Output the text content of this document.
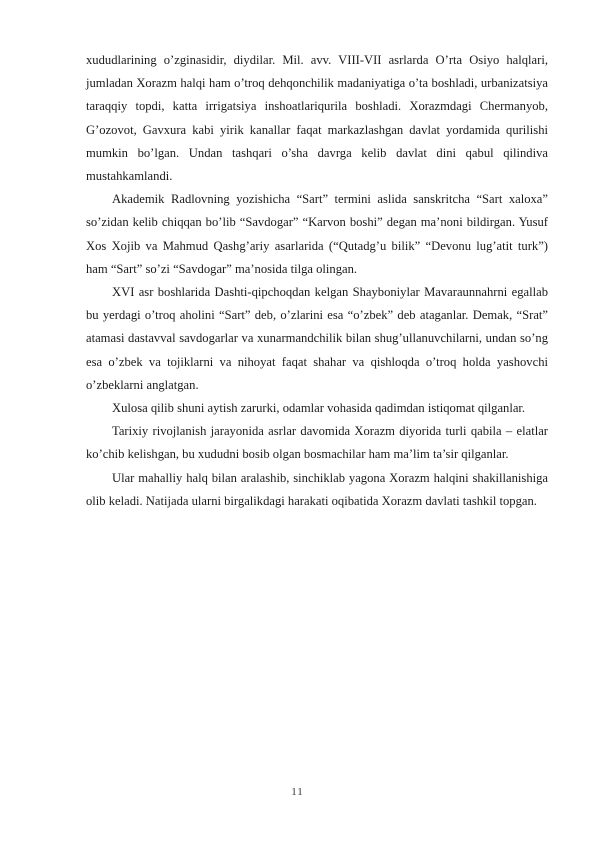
xududlarining o’zginasidir, diydilar. Mil. avv. VIII-VII asrlarda O’rta Osiyo halqlari, jumladan Xorazm halqi ham o’troq dehqonchilik madaniyatiga o’ta boshladi, urbanizatsiya taraqqiy topdi, katta irrigatsiya inshoatlariqurila boshladi. Xorazmdagi Chermanyob, G’ozovot, Gavxura kabi yirik kanallar faqat markazlashgan davlat yordamida qurilishi mumkin bo’lgan. Undan tashqari o’sha davrga kelib davlat dini qabul qilindiva mustahkamlandi.

Akademik Radlovning yozishicha “Sart” termini aslida sanskritcha “Sart xaloxa” so’zidan kelib chiqqan bo’lib “Savdogar” “Karvon boshi” degan ma’noni bildirgan. Yusuf Xos Xojib va Mahmud Qashg’ariy asarlarida (“Qutadg’u bilik” “Devonu lug’atit turk”) ham “Sart” so’zi “Savdogar” ma’nosida tilga olingan.

XVI asr boshlarida Dashti-qipchoqdan kelgan Shayboniylar Mavaraunnahrni egallab bu yerdagi o’troq aholini “Sart” deb, o’zlarini esa “o’zbek” deb ataganlar. Demak, “Srat” atamasi dastavval savdogarlar va xunarmandchilik bilan shug’ullanuvchilarni, undan so’ng esa o’zbek va tojiklarni va nihoyat faqat shahar va qishloqda o’troq holda yashovchi o’zbeklarni anglatgan.

Xulosa qilib shuni aytish zarurki, odamlar vohasida qadimdan istiqomat qilganlar.

Tarixiy rivojlanish jarayonida asrlar davomida Xorazm diyorida turli qabila – elatlar ko’chib kelishgan, bu xududni bosib olgan bosmachilar ham ma’lim ta’sir qilganlar.

Ular mahalliy halq bilan aralashib, sinchiklab yagona Xorazm halqini shakillanishiga olib keladi. Natijada ularni birgalikdagi harakati oqibatida Xorazm davlati tashkil topgan.

11
